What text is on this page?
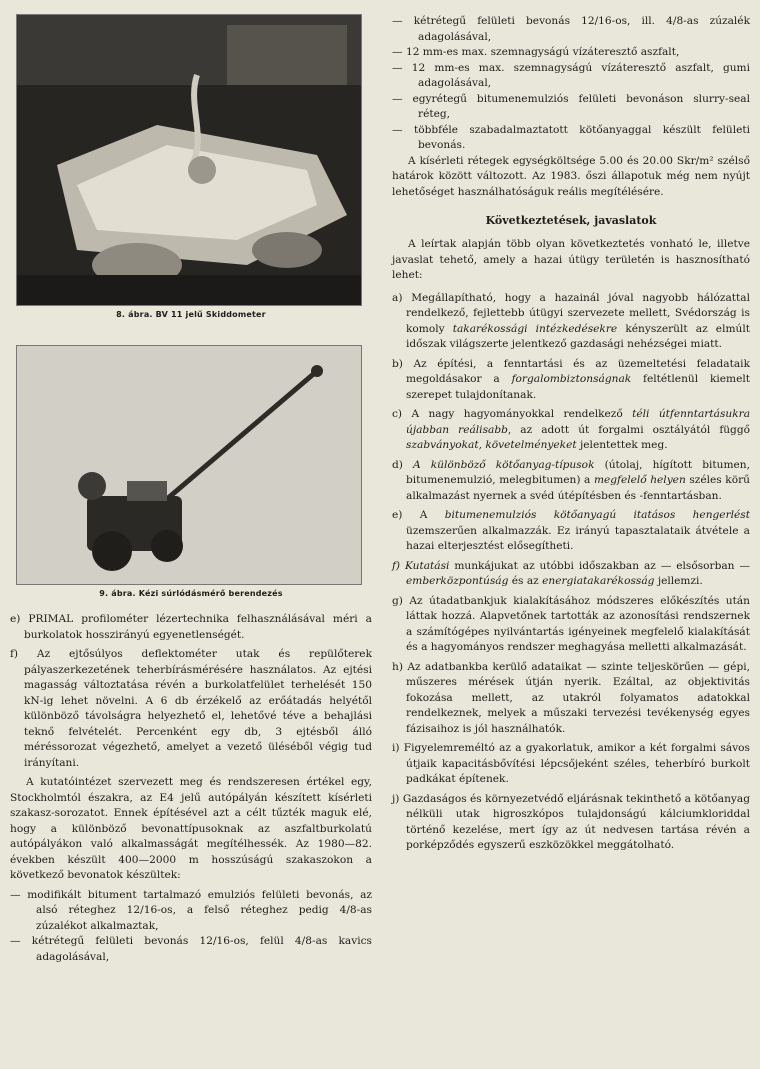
8. ábra. BV 11 jelű Skiddometer
9. ábra. Kézi súrlódásmérő berendezés

e) PRIMAL profilométer lézertechnika felhasználásával méri a burkolatok hosszirányú egyenetlenségét.

f) Az ejtősúlyos deflektométer utak és repülőterek pályaszerkezetének teherbírásmérésére használatos. Az ejtési magasság változtatása révén a burkolatfelület terhelését 150 kN-ig lehet növelni. A 6 db érzékelő az erőátadás helyétől különböző távolságra helyezhető el, lehetővé téve a behajlási teknő felvételét. Percenként egy db, 3 ejtésből álló méréssorozat végezhető, amelyet a vezető üléséből végig tud irányítani.

A kutatóintézet szervezett meg és rendszeresen értékel egy, Stockholmtól északra, az E4 jelű autópályán készített kísérleti szakasz-sorozatot. Ennek építésével azt a célt tűzték maguk elé, hogy a különböző bevonattípusoknak az aszfaltburkolatú autópályákon való alkalmasságát megítélhessék. Az 1980—82. években készült 400—2000 m hosszúságú szakaszokon a következő bevonatok készültek:

— modifikált bitument tartalmazó emulziós felületi bevonás, az alsó réteghez 12/16-os, a felső réteghez pedig 4/8-as zúzalékot alkalmaztak,

— kétrétegű felületi bevonás 12/16-os, felül 4/8-as kavics adagolásával,

— kétrétegű felületi bevonás 12/16-os, ill. 4/8-as zúzalék adagolásával,

— 12 mm-es max. szemnagyságú vízáteresztő aszfalt,

— 12 mm-es max. szemnagyságú vízáteresztő aszfalt, gumi adagolásával,

— egyrétegű bitumenemulziós felületi bevonáson slurry-seal réteg,

— többféle szabadalmaztatott kötőanyaggal készült felületi bevonás.

A kísérleti rétegek egységköltsége 5.00 és 20.00 Skr/m² szélső határok között változott. Az 1983. őszi állapotuk még nem nyújt lehetőséget használhatóságuk reális megítélésére.

Következtetések, javaslatok

A leírtak alapján több olyan következtetés vonható le, illetve javaslat tehető, amely a hazai útügy területén is hasznosítható lehet:

a) Megállapítható, hogy a hazainál jóval nagyobb hálózattal rendelkező, fejlettebb útügyi szervezete mellett, Svédország is komoly takarékossági intézkedésekre kényszerült az elmúlt időszak világszerte jelentkező gazdasági nehézségei miatt.

b) Az építési, a fenntartási és az üzemeltetési feladataik megoldásakor a forgalombiztonságnak feltétlenül kiemelt szerepet tulajdonítanak.

c) A nagy hagyományokkal rendelkező téli útfenntartásukra újabban reálisabb, az adott út forgalmi osztályától függő szabványokat, követelményeket jelentettek meg.

d) A különböző kötőanyag-típusok (útolaj, hígított bitumen, bitumenemulzió, melegbitumen) a megfelelő helyen széles körű alkalmazást nyernek a svéd útépítésben és -fenntartásban.

e) A bitumenemulziós kötőanyagú itatásos hengerlést üzemszerűen alkalmazzák. Ez irányú tapasztalataik átvétele a hazai elterjesztést elősegítheti.

f) Kutatási munkájukat az utóbbi időszakban az — elsősorban — emberközpontúság és az energiatakarékosság jellemzi.

g) Az útadatbankjuk kialakításához módszeres előkészítés után láttak hozzá. Alapvetőnek tartották az azonosítási rendszernek a számítógépes nyilvántartás igényeinek megfelelő kialakítását és a hagyományos rendszer meghagyása melletti alkalmazását.

h) Az adatbankba kerülő adataikat — szinte teljeskörűen — gépi, műszeres mérések útján nyerik. Ezáltal, az objektivitás fokozása mellett, az utakról folyamatos adatokkal rendelkeznek, melyek a műszaki tervezési tevékenység egyes fázisaihoz is jól használhatók.

i) Figyelemreméltó az a gyakorlatuk, amikor a két forgalmi sávos útjaik kapacitásbővítési lépcsőjeként széles, teherbíró burkolt padkákat építenek.

j) Gazdaságos és környezetvédő eljárásnak tekinthető a kötőanyag nélküli utak higroszkópos tulajdonságú kálciumkloriddal történő kezelése, mert így az út nedvesen tartása révén a porképződés egyszerű eszközökkel meggátolható.
